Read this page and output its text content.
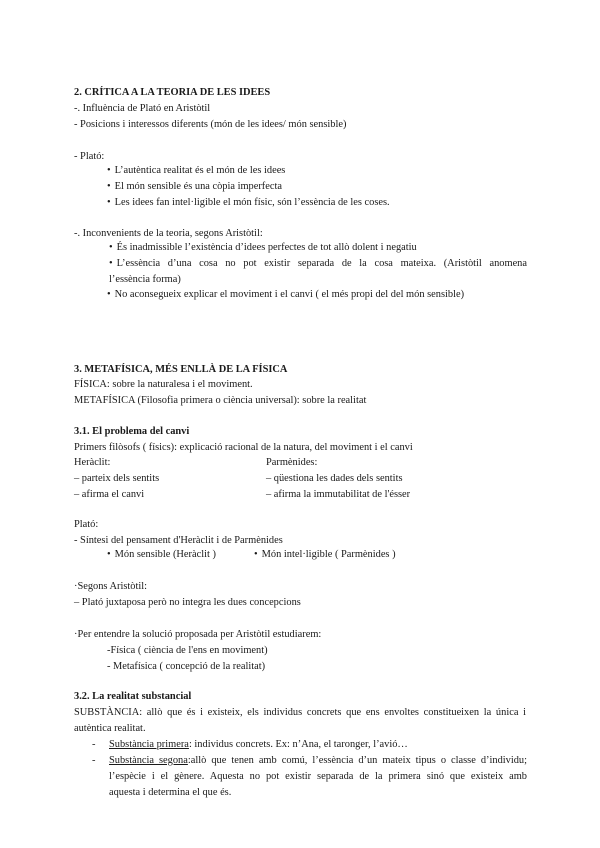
2. CRÍTICA A LA TEORIA DE LES IDEES
-. Influència de Plató en Aristòtil
- Posicions i interessos diferents (món de les idees/ món sensible)
- Plató:
• L’autèntica realitat és el món de les idees
• El món sensible és una còpia imperfecta
• Les idees fan intel·ligible el món físic, són l’essència de les coses.
-. Inconvenients de la teoria, segons Aristòtil:
• És inadmissible l’existència d’idees perfectes de tot allò dolent i negatiu
• L’essència d’una cosa no pot existir separada de la cosa mateixa. (Aristòtil anomena
l’essència forma)
• No aconsegueix explicar el moviment i el canvi ( el més propi del del món sensible)
3. METAFÍSICA, MÉS ENLLÀ DE LA FÍSICA
FÍSICA: sobre la naturalesa i el moviment.
METAFÍSICA (Filosofia primera o ciència universal): sobre la realitat
3.1. El problema del canvi
Primers filòsofs ( físics): explicació racional de la natura, del moviment i el canvi
Heràclit:
– parteix dels sentits
– afirma el canvi
Parmènides:
– qüestiona les dades dels sentits
– afirma la immutabilitat de l'ésser
Plató:
- Síntesi del pensament d'Heràclit i de Parmènides
• Món sensible (Heràclit )
•	Món intel·ligible ( Parmènides )
·Segons Aristòtil:
– Plató juxtaposa però no integra les dues concepcions
·Per entendre la solució proposada per Aristòtil estudiarem:
-Física ( ciència de l'ens en moviment)
- Metafísica ( concepció de la realitat)
3.2. La realitat substancial
SUBSTÀNCIA: allò que és i existeix, els individus concrets que ens envoltes constitueixen la única i
autèntica realitat.
- Substància primera: individus concrets. Ex: n’Ana, el taronger, l’avió…
- Substància segona:allò que tenen amb comú, l’essència d’un mateix tipus o classe d’individu;
l’espècie i el gènere. Aquesta no pot existir separada de la primera sinó que existeix amb
aquesta i determina el que és.
